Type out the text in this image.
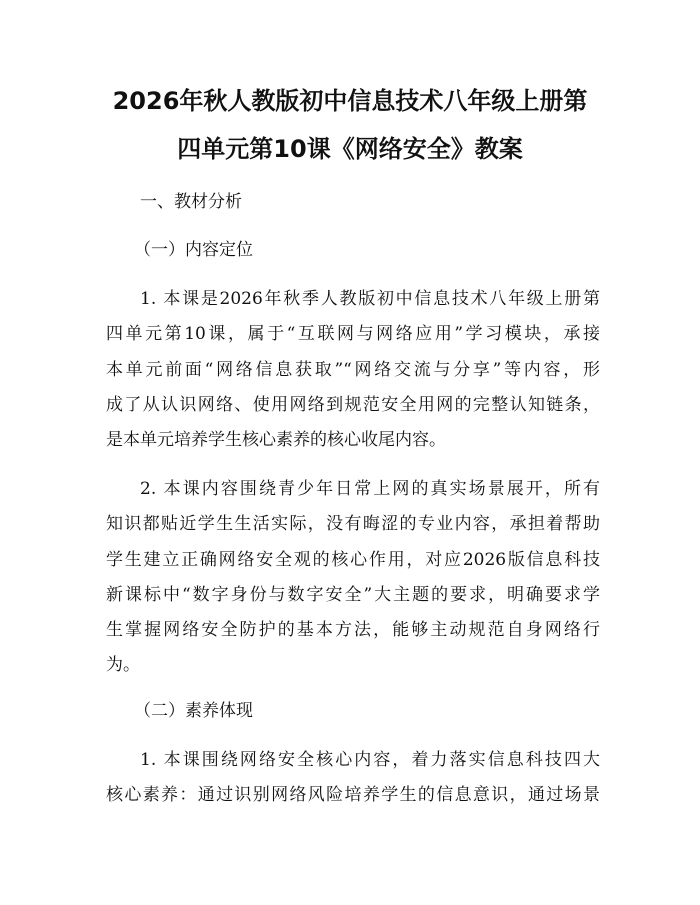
2026年秋人教版初中信息技术八年级上册第
四单元第10课《网络安全》教案

一、教材分析

（一）内容定位

1. 本课是2026年秋季人教版初中信息技术八年级上册第
四单元第10课，属于“互联网与网络应用”学习模块，承接
本单元前面“网络信息获取”“网络交流与分享”等内容，形
成了从认识网络、使用网络到规范安全用网的完整认知链条，
是本单元培养学生核心素养的核心收尾内容。
2. 本课内容围绕青少年日常上网的真实场景展开，所有
知识都贴近学生生活实际，没有晦涩的专业内容，承担着帮助
学生建立正确网络安全观的核心作用，对应2026版信息科技
新课标中“数字身份与数字安全”大主题的要求，明确要求学
生掌握网络安全防护的基本方法，能够主动规范自身网络行
为。

（二）素养体现

1. 本课围绕网络安全核心内容，着力落实信息科技四大
核心素养：通过识别网络风险培养学生的信息意识，通过场景
